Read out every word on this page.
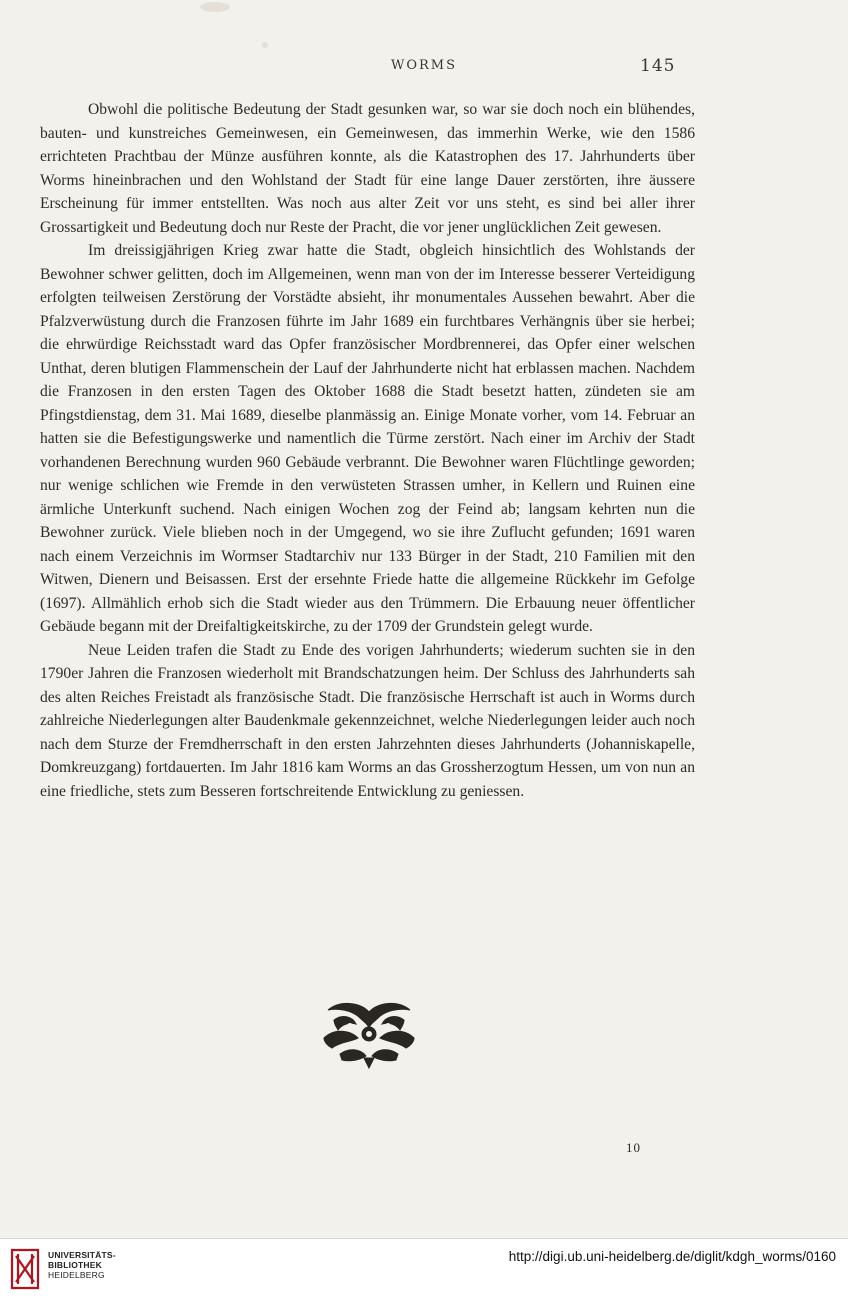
WORMS	145

Obwohl die politische Bedeutung der Stadt gesunken war, so war sie doch noch ein blühendes, bauten- und kunstreiches Gemeinwesen, ein Gemeinwesen, das immerhin Werke, wie den 1586 errichteten Prachtbau der Münze ausführen konnte, als die Katastrophen des 17. Jahrhunderts über Worms hineinbrachen und den Wohlstand der Stadt für eine lange Dauer zerstörten, ihre äussere Erscheinung für immer entstellten. Was noch aus alter Zeit vor uns steht, es sind bei aller ihrer Grossartigkeit und Bedeutung doch nur Reste der Pracht, die vor jener unglücklichen Zeit gewesen.

Im dreissigjährigen Krieg zwar hatte die Stadt, obgleich hinsichtlich des Wohlstands der Bewohner schwer gelitten, doch im Allgemeinen, wenn man von der im Interesse besserer Verteidigung erfolgten teilweisen Zerstörung der Vorstädte absieht, ihr monumentales Aussehen bewahrt. Aber die Pfalzverwüstung durch die Franzosen führte im Jahr 1689 ein furchtbares Verhängnis über sie herbei; die ehrwürdige Reichsstadt ward das Opfer französischer Mordbrennerei, das Opfer einer welschen Unthat, deren blutigen Flammenschein der Lauf der Jahrhunderte nicht hat erblassen machen. Nachdem die Franzosen in den ersten Tagen des Oktober 1688 die Stadt besetzt hatten, zündeten sie am Pfingstdienstag, dem 31. Mai 1689, dieselbe planmässig an. Einige Monate vorher, vom 14. Februar an hatten sie die Befestigungswerke und namentlich die Türme zerstört. Nach einer im Archiv der Stadt vorhandenen Berechnung wurden 960 Gebäude verbrannt. Die Bewohner waren Flüchtlinge geworden; nur wenige schlichen wie Fremde in den verwüsteten Strassen umher, in Kellern und Ruinen eine ärmliche Unterkunft suchend. Nach einigen Wochen zog der Feind ab; langsam kehrten nun die Bewohner zurück. Viele blieben noch in der Umgegend, wo sie ihre Zuflucht gefunden; 1691 waren nach einem Verzeichnis im Wormser Stadtarchiv nur 133 Bürger in der Stadt, 210 Familien mit den Witwen, Dienern und Beisassen. Erst der ersehnte Friede hatte die allgemeine Rückkehr im Gefolge (1697). Allmählich erhob sich die Stadt wieder aus den Trümmern. Die Erbauung neuer öffentlicher Gebäude begann mit der Dreifaltigkeitskirche, zu der 1709 der Grundstein gelegt wurde.

Neue Leiden trafen die Stadt zu Ende des vorigen Jahrhunderts; wiederum suchten sie in den 1790er Jahren die Franzosen wiederholt mit Brandschatzungen heim. Der Schluss des Jahrhunderts sah des alten Reiches Freistadt als französische Stadt. Die französische Herrschaft ist auch in Worms durch zahlreiche Niederlegungen alter Baudenkmale gekennzeichnet, welche Niederlegungen leider auch noch nach dem Sturze der Fremdherrschaft in den ersten Jahrzehnten dieses Jahrhunderts (Johanniskapelle, Domkreuzgang) fortdauerten. Im Jahr 1816 kam Worms an das Grossherzogtum Hessen, um von nun an eine friedliche, stets zum Besseren fortschreitende Entwicklung zu geniessen.

10
UNIVERSITÄTS-
BIBLIOTHEK
HEIDELBERG
http://digi.ub.uni-heidelberg.de/diglit/kdgh_worms/0160
